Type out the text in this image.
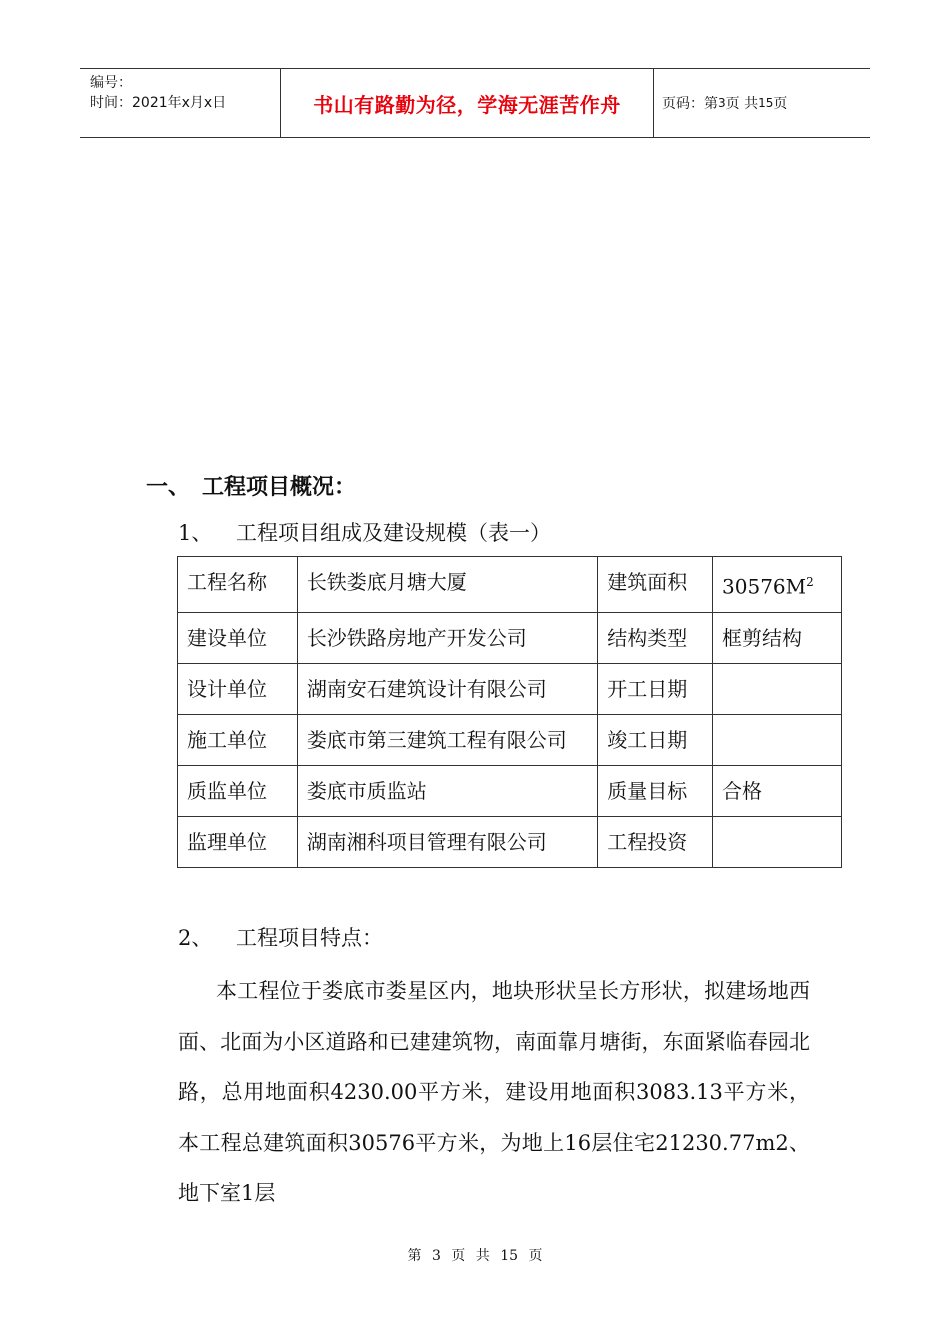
编号：
时间：2021年x月x日	书山有路勤为径，学海无涯苦作舟	页码：第 3 页 共 15 页
一、 工程项目概况：
1、 工程项目组成及建设规模（表一）
工程名称	长铁娄底月塘大厦	建筑面积	$30576M^2$
建设单位	长沙铁路房地产开发公司	结构类型	框剪结构
设计单位	湖南安石建筑设计有限公司	开工日期	
施工单位	娄底市第三建筑工程有限公司	竣工日期	
质监单位	娄底市质监站	质量目标	合格
监理单位	湖南湘科项目管理有限公司	工程投资	
2、 工程项目特点：
本工程位于娄底市娄星区内，地块形状呈长方形状，拟建场地西面、北面为小区道路和已建建筑物，南面靠月塘街，东面紧临春园北路，总用地面积4230.00平方米，建设用地面积3083.13平方米，本工程总建筑面积30576平方米，为地上16层住宅21230.77m2、地下室1层
第 3 页 共 15 页
